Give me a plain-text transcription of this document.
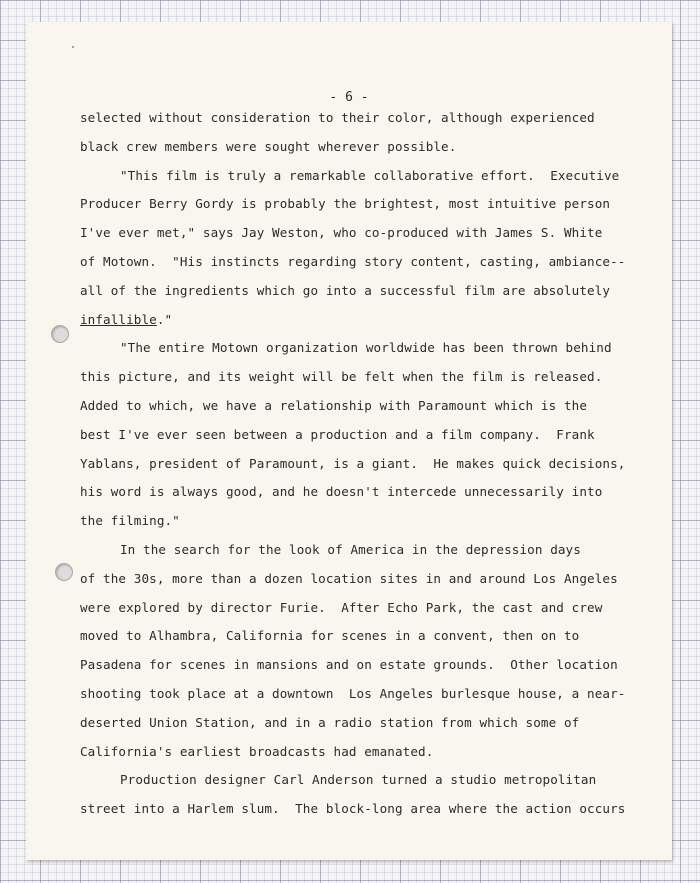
- 6 -
selected without consideration to their color, although experienced
black crew members were sought wherever possible.
"This film is truly a remarkable collaborative effort.  Executive
Producer Berry Gordy is probably the brightest, most intuitive person
I've ever met," says Jay Weston, who co-produced with James S. White
of Motown.  "His instincts regarding story content, casting, ambiance--
all of the ingredients which go into a successful film are absolutely
infallible."
"The entire Motown organization worldwide has been thrown behind
this picture, and its weight will be felt when the film is released.
Added to which, we have a relationship with Paramount which is the
best I've ever seen between a production and a film company.  Frank
Yablans, president of Paramount, is a giant.  He makes quick decisions,
his word is always good, and he doesn't intercede unnecessarily into
the filming."
In the search for the look of America in the depression days
of the 30s, more than a dozen location sites in and around Los Angeles
were explored by director Furie.  After Echo Park, the cast and crew
moved to Alhambra, California for scenes in a convent, then on to
Pasadena for scenes in mansions and on estate grounds.  Other location
shooting took place at a downtown  Los Angeles burlesque house, a near-
deserted Union Station, and in a radio station from which some of
California's earliest broadcasts had emanated.
Production designer Carl Anderson turned a studio metropolitan
street into a Harlem slum.  The block-long area where the action occurs
